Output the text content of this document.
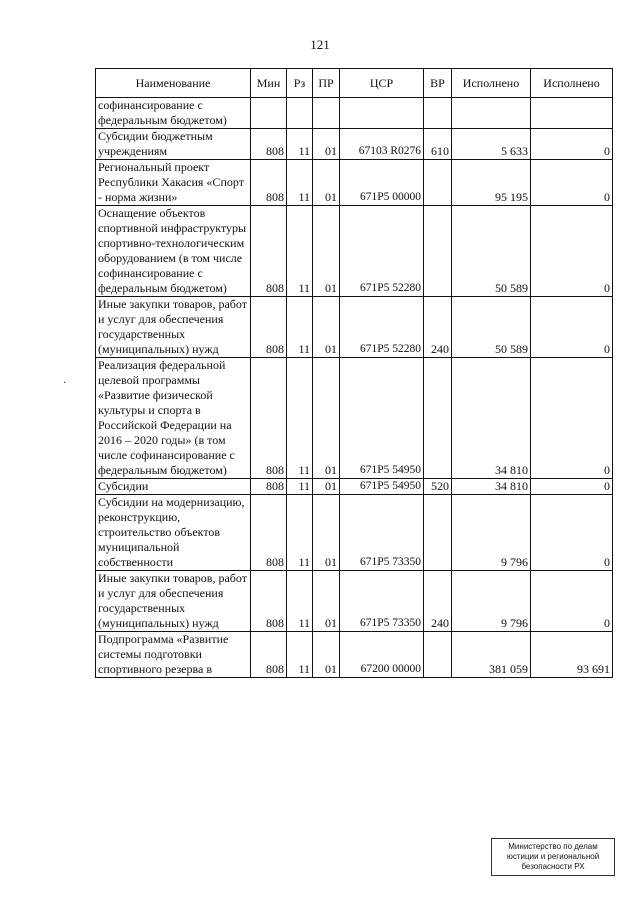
121
·
Наименование	Мин	Рз	ПР	ЦСР	ВР	Исполнено	Исполнено
софинансирование с федеральным бюджетом)							
Субсидии бюджетным учреждениям	808	11	01	67103 R0276	610	5 633	0
Региональный проект Республики Хакасия «Спорт - норма жизни»	808	11	01	671P5 00000		95 195	0
Оснащение объектов спортивной инфраструктуры спортивно-технологическим оборудованием (в том числе софинансирование с федеральным бюджетом)	808	11	01	671P5 52280		50 589	0
Иные закупки товаров, работ и услуг для обеспечения государственных (муниципальных) нужд	808	11	01	671P5 52280	240	50 589	0
Реализация федеральной целевой программы «Развитие физической культуры и спорта в Российской Федерации на 2016 – 2020 годы» (в том числе софинансирование с федеральным бюджетом)	808	11	01	671P5 54950		34 810	0
Субсидии	808	11	01	671P5 54950	520	34 810	0
Субсидии на модернизацию, реконструкцию, строительство объектов муниципальной собственности	808	11	01	671P5 73350		9 796	0
Иные закупки товаров, работ и услуг для обеспечения государственных (муниципальных) нужд	808	11	01	671P5 73350	240	9 796	0
Подпрограмма «Развитие системы подготовки спортивного резерва в	808	11	01	67200 00000		381 059	93 691
Министерство по делам
юстиции и региональной
безопасности РХ
